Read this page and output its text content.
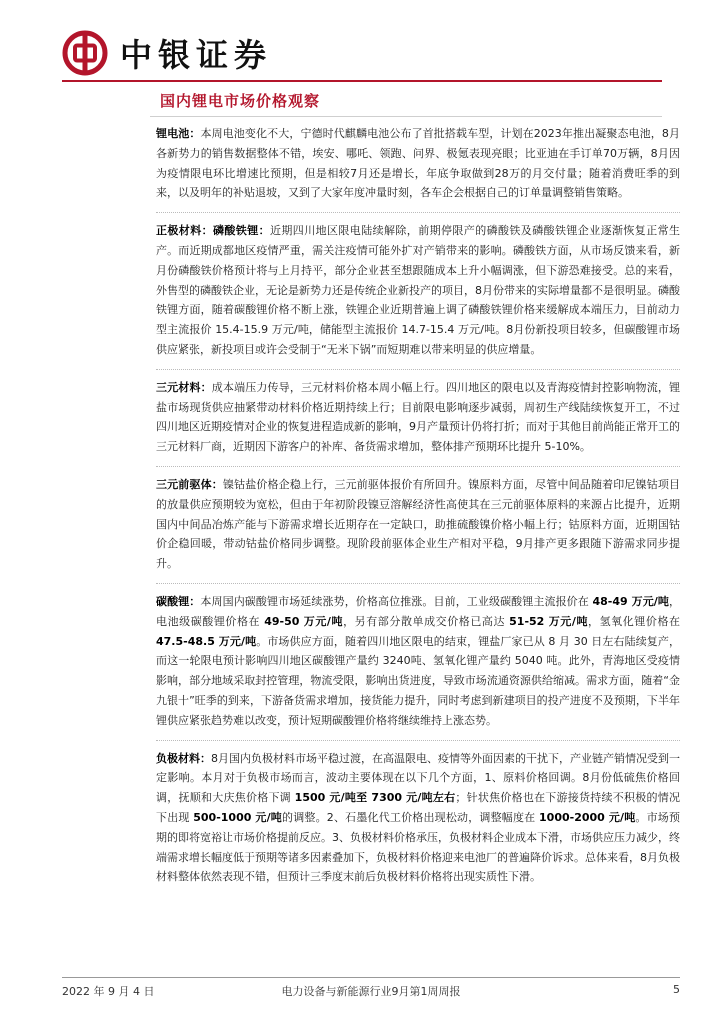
中银证券
国内锂电市场价格观察

锂电池：本周电池变化不大，宁德时代麒麟电池公布了首批搭载车型，计划在2023年推出凝聚态电池，8月各新势力的销售数据整体不错，埃安、哪吒、领跑、问界、极氪表现亮眼；比亚迪在手订单70万辆，8月因为疫情限电环比增速比预期，但是相较7月还是增长，年底争取做到28万的月交付量；随着消费旺季的到来，以及明年的补贴退坡，又到了大家年度冲量时刻，各车企会根据自己的订单量调整销售策略。

正极材料：磷酸铁锂：近期四川地区限电陆续解除，前期停限产的磷酸铁及磷酸铁锂企业逐渐恢复正常生产。而近期成都地区疫情严重，需关注疫情可能外扩对产销带来的影响。磷酸铁方面，从市场反馈来看，新月份磷酸铁价格预计将与上月持平，部分企业甚至想跟随成本上升小幅调涨，但下游恐难接受。总的来看，外售型的磷酸铁企业，无论是新势力还是传统企业新投产的项目，8月份带来的实际增量都不是很明显。磷酸铁锂方面，随着碳酸锂价格不断上涨，铁锂企业近期普遍上调了磷酸铁锂价格来缓解成本端压力，目前动力型主流报价 15.4-15.9 万元/吨，储能型主流报价 14.7-15.4 万元/吨。8月份新投项目较多，但碳酸锂市场供应紧张，新投项目或许会受制于“无米下锅”而短期难以带来明显的供应增量。

三元材料：成本端压力传导，三元材料价格本周小幅上行。四川地区的限电以及青海疫情封控影响物流，锂盐市场现货供应抽紧带动材料价格近期持续上行；目前限电影响逐步减弱，周初生产线陆续恢复开工，不过四川地区近期疫情对企业的恢复进程造成新的影响，9月产量预计仍将打折；而对于其他目前尚能正常开工的三元材料厂商，近期因下游客户的补库、备货需求增加，整体排产预期环比提升 5-10%。

三元前驱体：镍钴盐价格企稳上行，三元前驱体报价有所回升。镍原料方面，尽管中间品随着印尼镍钴项目的放量供应预期较为宽松，但由于年初阶段镍豆溶解经济性高使其在三元前驱体原料的来源占比提升，近期国内中间品冶炼产能与下游需求增长近期存在一定缺口，助推硫酸镍价格小幅上行；钴原料方面，近期国钴价企稳回暖，带动钴盐价格同步调整。现阶段前驱体企业生产相对平稳，9月排产更多跟随下游需求同步提升。

碳酸锂：本周国内碳酸锂市场延续涨势，价格高位推涨。目前，工业级碳酸锂主流报价在 48-49 万元/吨，电池级碳酸锂价格在 49-50 万元/吨，另有部分散单成交价格已高达 51-52 万元/吨，氢氧化锂价格在 47.5-48.5 万元/吨。市场供应方面，随着四川地区限电的结束，锂盐厂家已从 8 月 30 日左右陆续复产，而这一轮限电预计影响四川地区碳酸锂产量约 3240吨、氢氧化锂产量约 5040 吨。此外，青海地区受疫情影响，部分地域采取封控管理，物流受限，影响出货进度，导致市场流通资源供给缩减。需求方面，随着“金九银十”旺季的到来，下游备货需求增加，接货能力提升，同时考虑到新建项目的投产进度不及预期，下半年锂供应紧张趋势难以改变，预计短期碳酸锂价格将继续维持上涨态势。

负极材料：8月国内负极材料市场平稳过渡，在高温限电、疫情等外面因素的干扰下，产业链产销情况受到一定影响。本月对于负极市场而言，波动主要体现在以下几个方面，1、原料价格回调。8月份低硫焦价格回调，抚顺和大庆焦价格下调 1500 元/吨至 7300 元/吨左右；针状焦价格也在下游接货持续不积极的情况下出现 500-1000 元/吨的调整。2、石墨化代工价格出现松动，调整幅度在 1000-2000 元/吨。市场预期的即将宽裕让市场价格提前反应。3、负极材料价格承压，负极材料企业成本下滑，市场供应压力减少，终端需求增长幅度低于预期等诸多因素叠加下，负极材料价格迎来电池厂的普遍降价诉求。总体来看，8月负极材料整体依然表现不错，但预计三季度末前后负极材料价格将出现实质性下滑。

2022 年 9 月 4 日	电力设备与新能源行业9月第1周周报	5
